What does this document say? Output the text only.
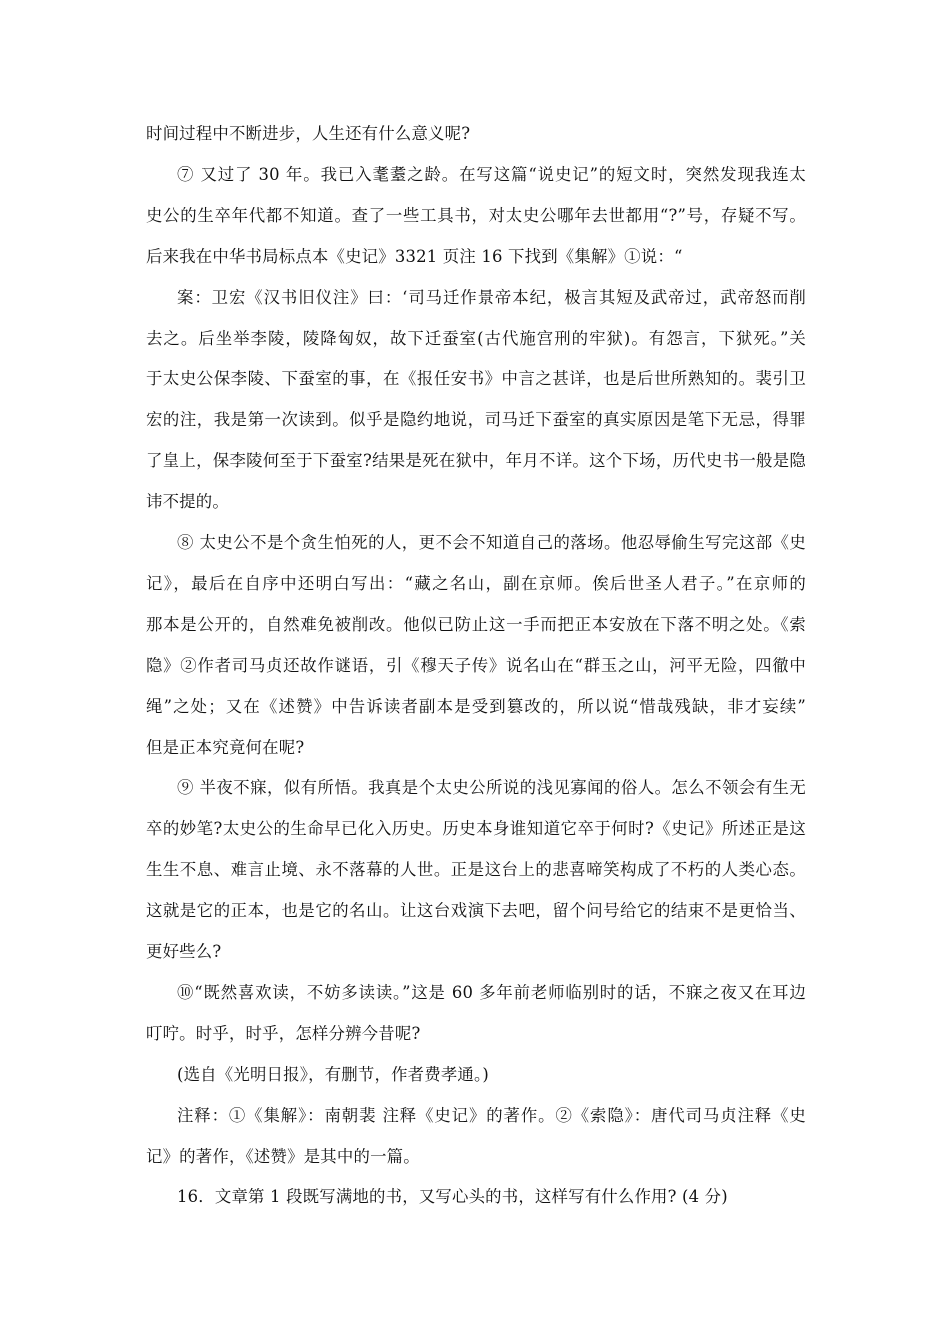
时间过程中不断进步，人生还有什么意义呢?
⑦ 又过了 30 年。我已入耄耋之龄。在写这篇“说史记”的短文时，突然发现我连太
史公的生卒年代都不知道。查了一些工具书，对太史公哪年去世都用“?”号，存疑不写。
后来我在中华书局标点本《史记》3321 页注 16 下找到《集解》①说：“
案：卫宏《汉书旧仪注》曰：‘司马迁作景帝本纪，极言其短及武帝过，武帝怒而削
去之。后坐举李陵，陵降匈奴，故下迁蚕室(古代施宫刑的牢狱)。有怨言，下狱死。”关
于太史公保李陵、下蚕室的事，在《报任安书》中言之甚详，也是后世所熟知的。裴引卫
宏的注，我是第一次读到。似乎是隐约地说，司马迁下蚕室的真实原因是笔下无忌，得罪
了皇上，保李陵何至于下蚕室?结果是死在狱中，年月不详。这个下场，历代史书一般是隐
讳不提的。
⑧ 太史公不是个贪生怕死的人，更不会不知道自己的落场。他忍辱偷生写完这部《史
记》，最后在自序中还明白写出：“藏之名山，副在京师。俟后世圣人君子。”在京师的
那本是公开的，自然难免被削改。他似已防止这一手而把正本安放在下落不明之处。《索
隐》②作者司马贞还故作谜语，引《穆天子传》说名山在“群玉之山，河平无险，四徹中
绳”之处；又在《述赞》中告诉读者副本是受到篡改的，所以说“惜哉残缺，非才妄续”
但是正本究竟何在呢?
⑨ 半夜不寐，似有所悟。我真是个太史公所说的浅见寡闻的俗人。怎么不领会有生无
卒的妙笔?太史公的生命早已化入历史。历史本身谁知道它卒于何时?《史记》所述正是这
生生不息、难言止境、永不落幕的人世。正是这台上的悲喜啼笑构成了不朽的人类心态。
这就是它的正本，也是它的名山。让这台戏演下去吧，留个问号给它的结束不是更恰当、
更好些么?
⑩“既然喜欢读，不妨多读读。”这是 60 多年前老师临别时的话，不寐之夜又在耳边
叮咛。时乎，时乎，怎样分辨今昔呢?
(选自《光明日报》，有删节，作者费孝通。)
注释：①《集解》：南朝裴 注释《史记》的著作。②《索隐》：唐代司马贞注释《史
记》的著作，《述赞》是其中的一篇。
16．文章第 1 段既写满地的书，又写心头的书，这样写有什么作用? (4 分)
